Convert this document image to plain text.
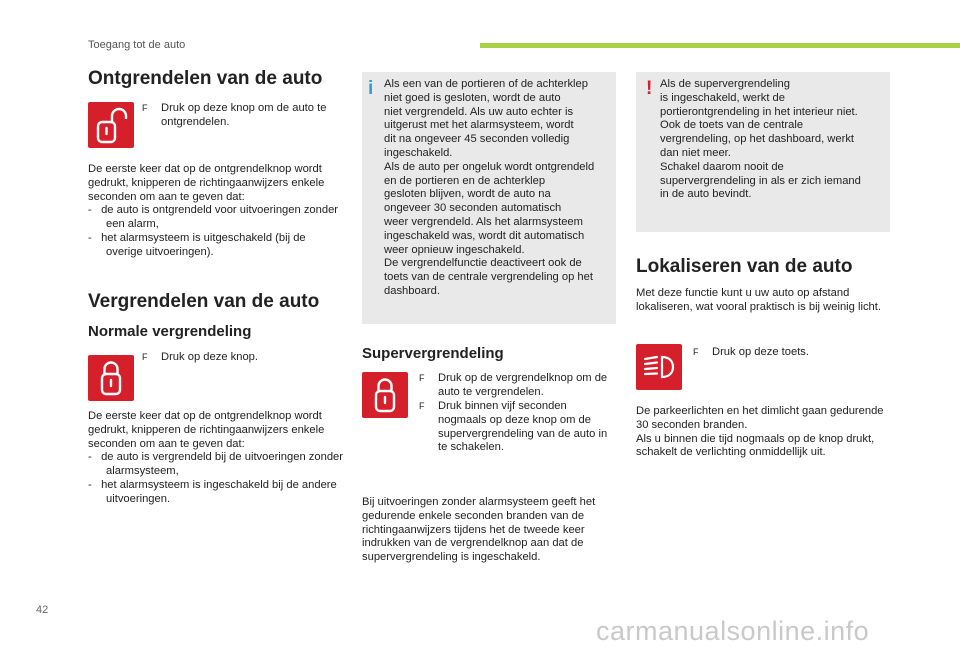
Toegang tot de auto
Ontgrendelen van de auto
F	Druk op deze knop om de auto te ontgrendelen.

De eerste keer dat op de ontgrendelknop wordt gedrukt, knipperen de richtingaanwijzers enkele seconden om aan te geven dat:

-   de auto is ontgrendeld voor uitvoeringen zonder een alarm,
-   het alarmsysteem is uitgeschakeld (bij de overige uitvoeringen).
Vergrendelen van de auto
Normale vergrendeling
F	Druk op deze knop.

De eerste keer dat op de ontgrendelknop wordt gedrukt, knipperen de richtingaanwijzers enkele seconden om aan te geven dat:

-   de auto is vergrendeld bij de uitvoeringen zonder alarmsysteem,
-   het alarmsysteem is ingeschakeld bij de andere uitvoeringen.
i Als een van de portieren of de achterklep

niet goed is gesloten, wordt de auto

niet vergrendeld. Als uw auto echter is

uitgerust met het alarmsysteem, wordt

dit na ongeveer 45 seconden volledig

ingeschakeld.

Als de auto per ongeluk wordt ontgrendeld

en de portieren en de achterklep

gesloten blijven, wordt de auto na

ongeveer 30 seconden automatisch

weer vergrendeld. Als het alarmsysteem

ingeschakeld was, wordt dit automatisch

weer opnieuw ingeschakeld.

De vergrendelfunctie deactiveert ook de

toets van de centrale vergrendeling op het

dashboard.

Supervergrendeling
F	Druk op de vergrendelknop om de auto te vergrendelen.
F	Druk binnen vijf seconden nogmaals op deze knop om de supervergrendeling van de auto in te schakelen.
Bij uitvoeringen zonder alarmsysteem geeft het gedurende enkele seconden branden van de richtingaanwijzers tijdens het de tweede keer indrukken van de vergrendelknop aan dat de supervergrendeling is ingeschakeld.
! Als de supervergrendeling

is ingeschakeld, werkt de

portierontgrendeling in het interieur niet.

Ook de toets van de centrale

vergrendeling, op het dashboard, werkt

dan niet meer.

Schakel daarom nooit de

supervergrendeling in als er zich iemand

in de auto bevindt.

Lokaliseren van de auto
Met deze functie kunt u uw auto op afstand lokaliseren, wat vooral praktisch is bij weinig licht.
F	Druk op deze toets.

De parkeerlichten en het dimlicht gaan gedurende 30 seconden branden.

Als u binnen die tijd nogmaals op de knop drukt, schakelt de verlichting onmiddellijk uit.

42
carmanualsonline.info
